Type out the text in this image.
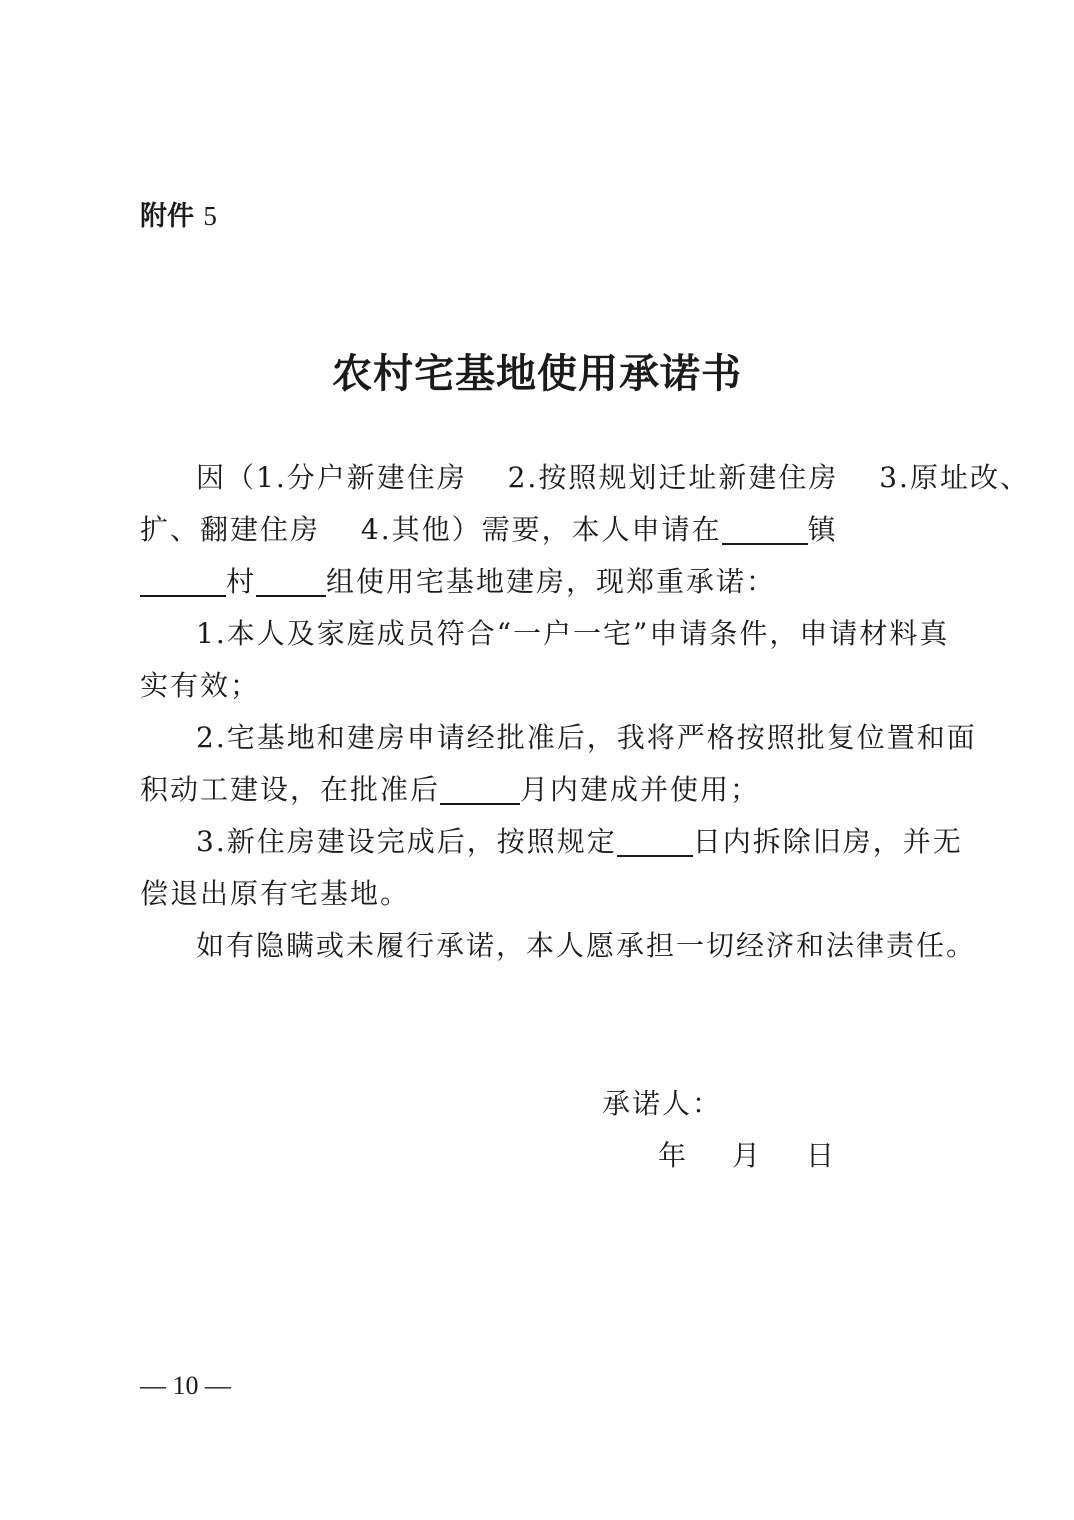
附件 5
农村宅基地使用承诺书
因（1.分户新建住房　 2.按照规划迁址新建住房　 3.原址改、
扩、翻建住房　 4.其他）需要，本人申请在	镇
村	组使用宅基地建房，现郑重承诺：
1.本人及家庭成员符合“一户一宅”申请条件，申请材料真
实有效；
2.宅基地和建房申请经批准后，我将严格按照批复位置和面
积动工建设，在批准后	月内建成并使用；
3.新住房建设完成后，按照规定	日内拆除旧房，并无
偿退出原有宅基地。
如有隐瞒或未履行承诺，本人愿承担一切经济和法律责任。
承诺人：
年 月 日
— 10 —
